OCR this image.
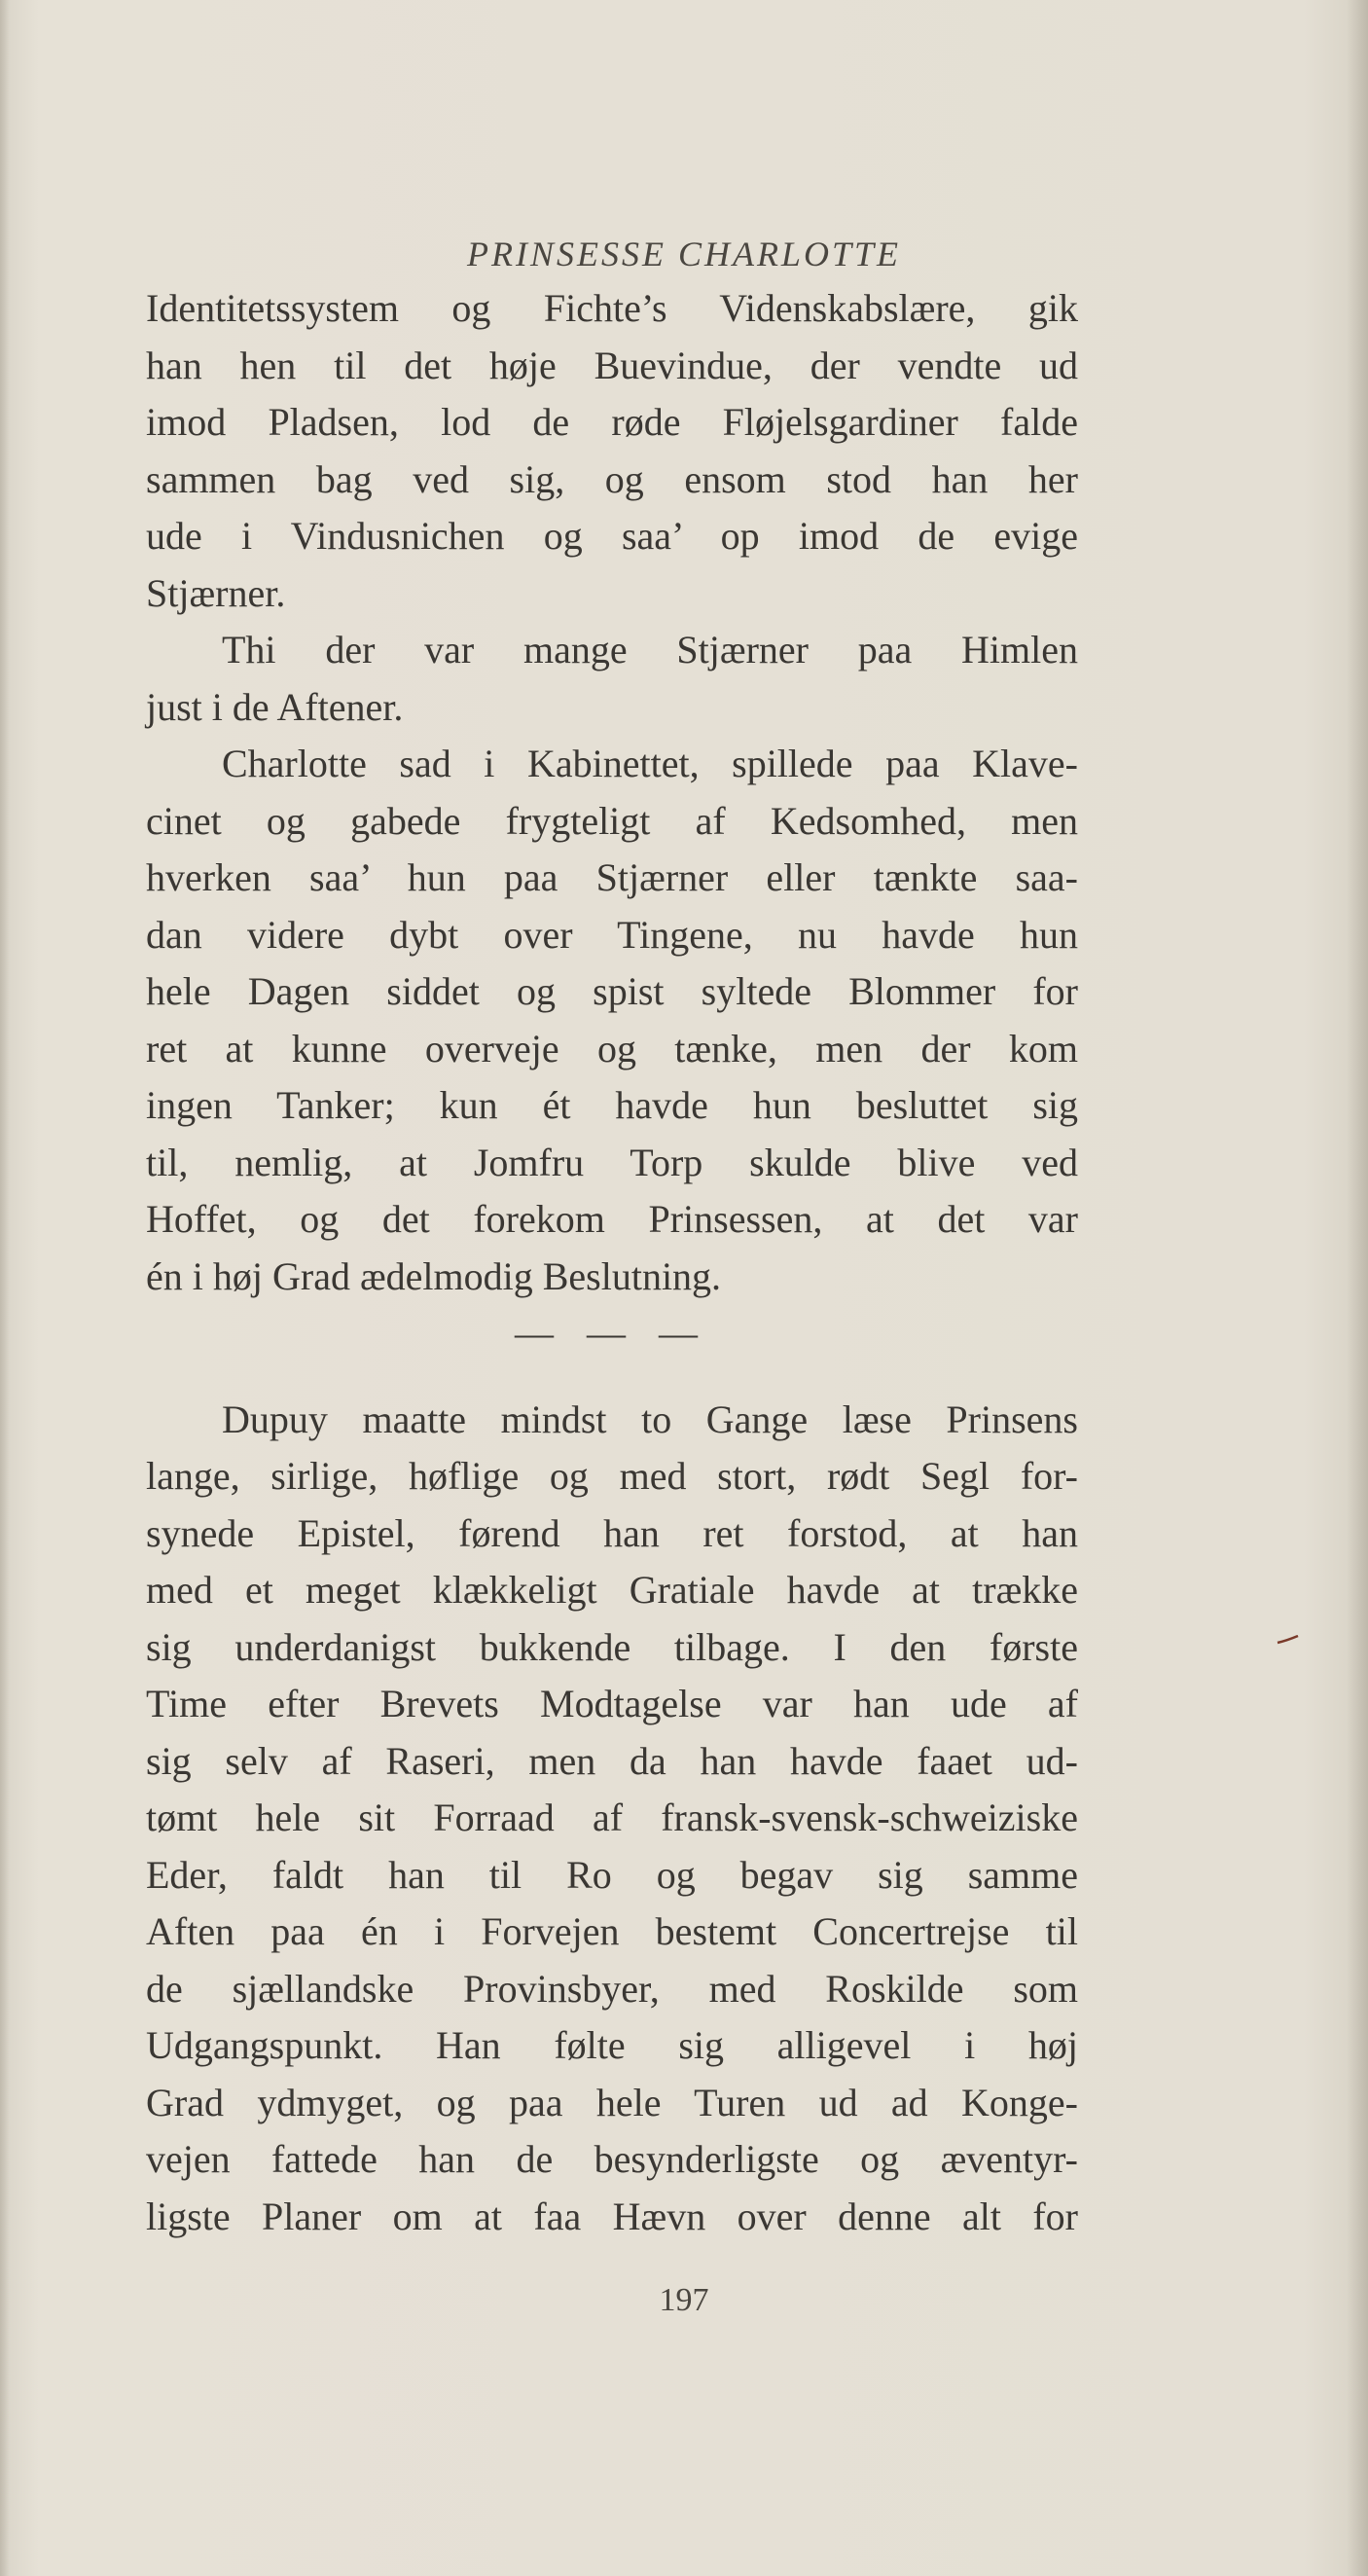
PRINSESSE CHARLOTTE
Identitetssystem og Fichte’s Videnskabslære, gik
han hen til det høje Buevindue, der vendte ud
imod Pladsen, lod de røde Fløjelsgardiner falde
sammen bag ved sig, og ensom stod han her
ude i Vindusnichen og saa’ op imod de evige
Stjærner.
Thi der var mange Stjærner paa Himlen
just i de Aftener.
Charlotte sad i Kabinettet, spillede paa Klave-
cinet og gabede frygteligt af Kedsomhed, men
hverken saa’ hun paa Stjærner eller tænkte saa-
dan videre dybt over Tingene, nu havde hun
hele Dagen siddet og spist syltede Blommer for
ret at kunne overveje og tænke, men der kom
ingen Tanker; kun ét havde hun besluttet sig
til, nemlig, at Jomfru Torp skulde blive ved
Hoffet, og det forekom Prinsessen, at det var
én i høj Grad ædelmodig Beslutning.
— — —
Dupuy maatte mindst to Gange læse Prinsens
lange, sirlige, høflige og med stort, rødt Segl for-
synede Epistel, førend han ret forstod, at han
med et meget klækkeligt Gratiale havde at trække
sig underdanigst bukkende tilbage. I den første
Time efter Brevets Modtagelse var han ude af
sig selv af Raseri, men da han havde faaet ud-
tømt hele sit Forraad af fransk-svensk-schweiziske
Eder, faldt han til Ro og begav sig samme
Aften paa én i Forvejen bestemt Concertrejse til
de sjællandske Provinsbyer, med Roskilde som
Udgangspunkt. Han følte sig alligevel i høj
Grad ydmyget, og paa hele Turen ud ad Konge-
vejen fattede han de besynderligste og æventyr-
ligste Planer om at faa Hævn over denne alt for
197
